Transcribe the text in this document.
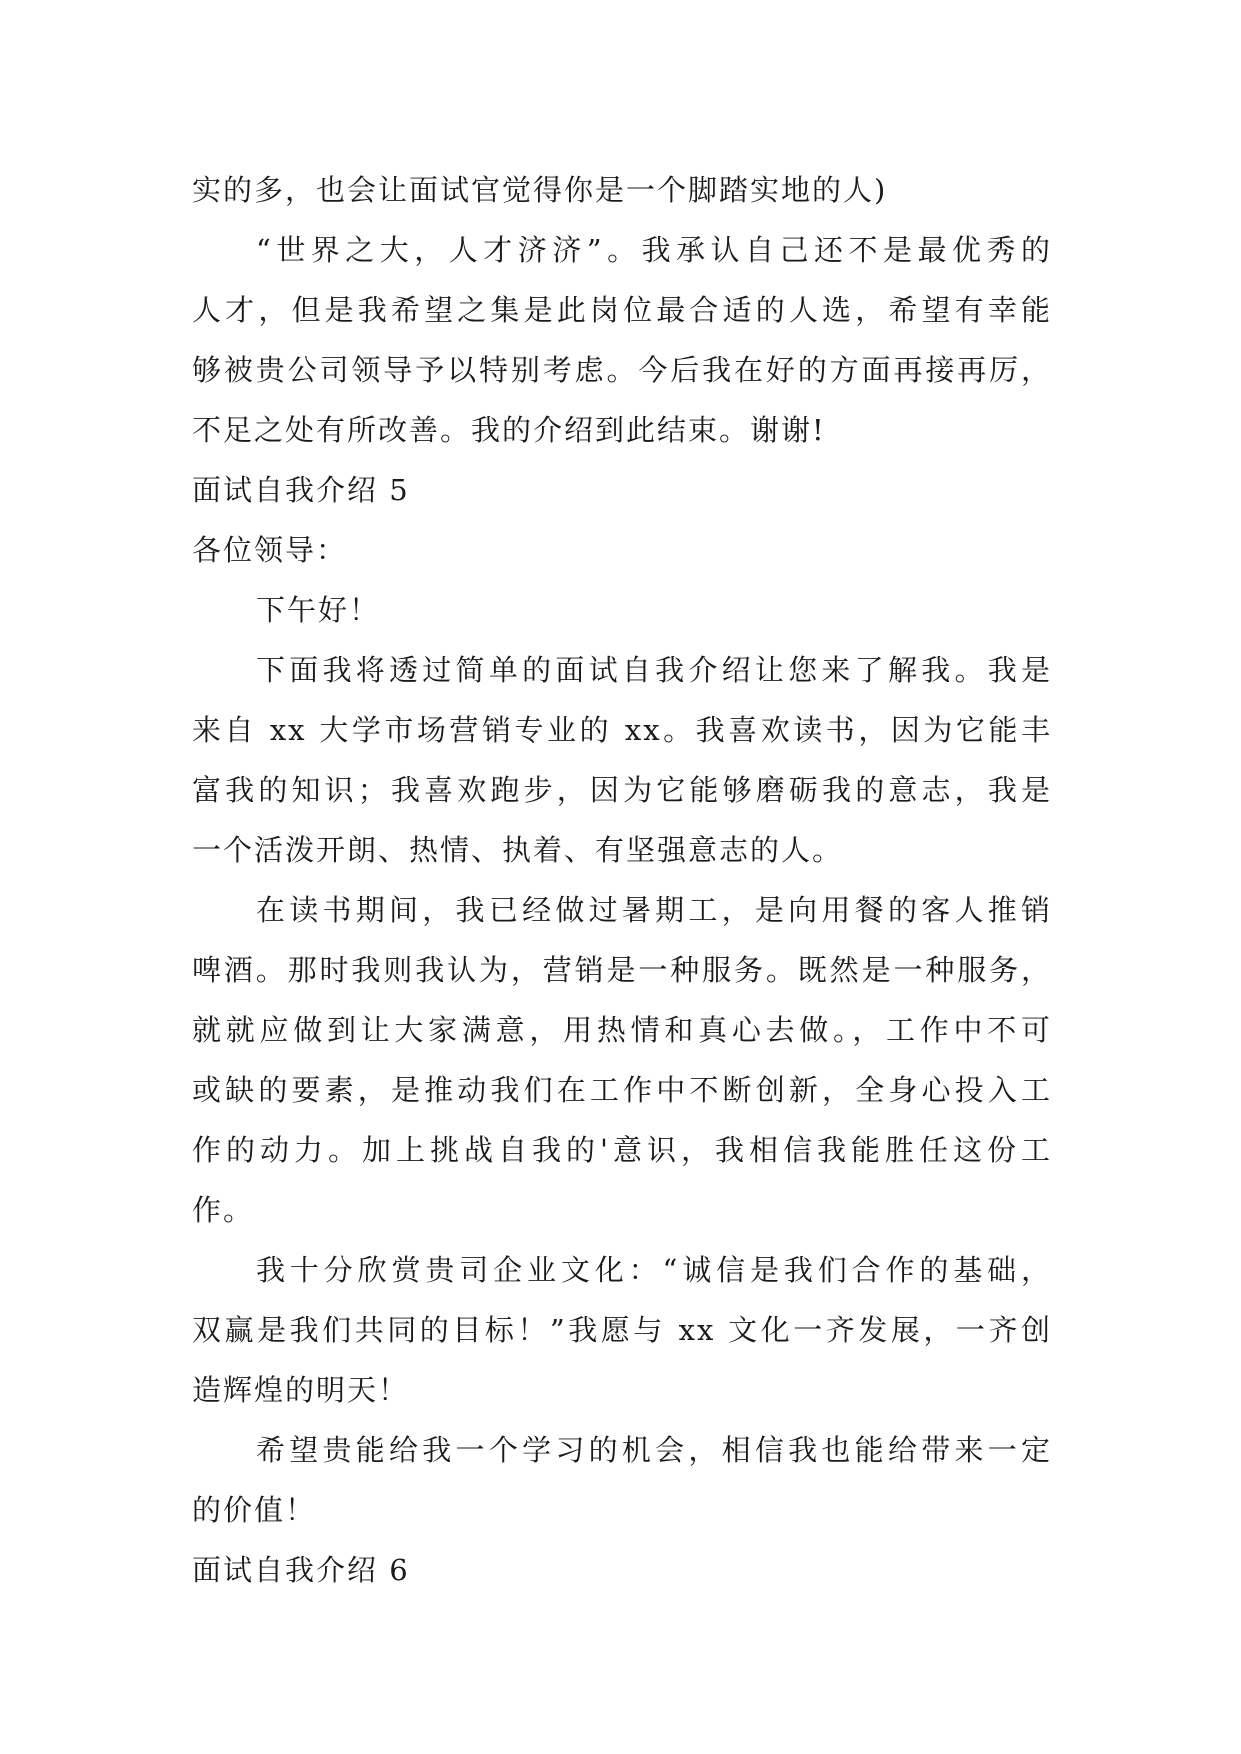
实的多，也会让面试官觉得你是一个脚踏实地的人)
“世界之大，人才济济”。我承认自己还不是最优秀的
人才，但是我希望之集是此岗位最合适的人选，希望有幸能
够被贵公司领导予以特别考虑。今后我在好的方面再接再厉，
不足之处有所改善。我的介绍到此结束。谢谢!
面试自我介绍 5
各位领导：
下午好！
下面我将透过简单的面试自我介绍让您来了解我。我是
来自 xx 大学市场营销专业的 xx。我喜欢读书，因为它能丰
富我的知识；我喜欢跑步，因为它能够磨砺我的意志，我是
一个活泼开朗、热情、执着、有坚强意志的人。
在读书期间，我已经做过暑期工，是向用餐的客人推销
啤酒。那时我则我认为，营销是一种服务。既然是一种服务，
就就应做到让大家满意，用热情和真心去做。，工作中不可
或缺的要素，是推动我们在工作中不断创新，全身心投入工
作的动力。加上挑战自我的'意识，我相信我能胜任这份工
作。
我十分欣赏贵司企业文化：“诚信是我们合作的基础，
双赢是我们共同的目标！”我愿与 xx 文化一齐发展，一齐创
造辉煌的明天！
希望贵能给我一个学习的机会，相信我也能给带来一定
的价值！
面试自我介绍 6
